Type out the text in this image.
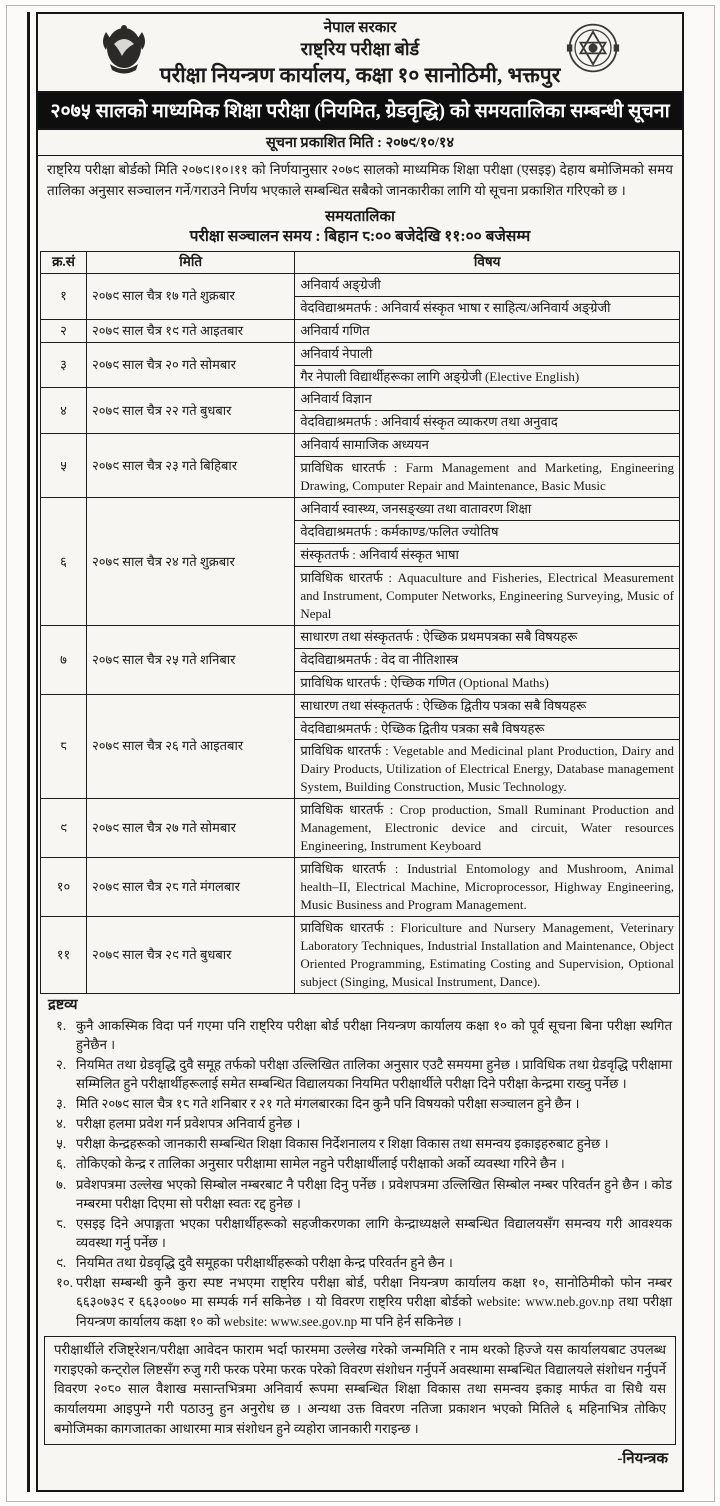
नेपाल सरकार
राष्ट्रिय परीक्षा बोर्ड
परीक्षा नियन्त्रण कार्यालय, कक्षा १० सानोठिमी, भक्तपुर
२०७५ सालको माध्यमिक शिक्षा परीक्षा (नियमित, ग्रेडवृद्धि) को समयतालिका सम्बन्धी सूचना
सूचना प्रकाशित मिति : २०७९/१०/१४
राष्ट्रिय परीक्षा बोर्डको मिति २०७९।१०।११ को निर्णयानुसार २०७९ सालको माध्यमिक शिक्षा परीक्षा (एसइइ) देहाय बमोजिमको समय तालिका अनुसार सञ्चालन गर्ने/गराउने निर्णय भएकाले सम्बन्धित सबैको जानकारीका लागि यो सूचना प्रकाशित गरिएको छ ।
समयतालिका
परीक्षा सञ्चालन समय : बिहान ८:०० बजेदेखि ११:०० बजेसम्म
क्र.सं	मिति	विषय
१	२०७९ साल चैत्र १७ गते शुक्रबार	अनिवार्य अङ्ग्रेजी
		वेदविद्याश्रमतर्फ : अनिवार्य संस्कृत भाषा र साहित्य/अनिवार्य अङ्ग्रेजी
२	२०७९ साल चैत्र १९ गते आइतबार	अनिवार्य गणित
३	२०७९ साल चैत्र २० गते सोमबार	अनिवार्य नेपाली
		गैर नेपाली विद्यार्थीहरूका लागि अङ्ग्रेजी (Elective English)
४	२०७९ साल चैत्र २२ गते बुधबार	अनिवार्य विज्ञान
		वेदविद्याश्रमतर्फ : अनिवार्य संस्कृत व्याकरण तथा अनुवाद
५	२०७९ साल चैत्र २३ गते बिहिबार	अनिवार्य सामाजिक अध्ययन
		प्राविधिक धारतर्फ : Farm Management and Marketing, Engineering Drawing, Computer Repair and Maintenance, Basic Music
६	२०७९ साल चैत्र २४ गते शुक्रबार	अनिवार्य स्वास्थ्य, जनसङ्ख्या तथा वातावरण शिक्षा
		वेदविद्याश्रमतर्फ : कर्मकाण्ड/फलित ज्योतिष
		संस्कृततर्फ : अनिवार्य संस्कृत भाषा
		प्राविधिक धारतर्फ : Aquaculture and Fisheries, Electrical Measurement and Instrument, Computer Networks, Engineering Surveying, Music of Nepal
७	२०७९ साल चैत्र २५ गते शनिबार	साधारण तथा संस्कृततर्फ : ऐच्छिक प्रथमपत्रका सबै विषयहरू
		वेदविद्याश्रमतर्फ : वेद वा नीतिशास्त्र
		प्राविधिक धारतर्फ : ऐच्छिक गणित (Optional Maths)
८	२०७९ साल चैत्र २६ गते आइतबार	साधारण तथा संस्कृततर्फ : ऐच्छिक द्वितीय पत्रका सबै विषयहरू
		वेदविद्याश्रमतर्फ : ऐच्छिक द्वितीय पत्रका सबै विषयहरू
		प्राविधिक धारतर्फ : Vegetable and Medicinal plant Production, Dairy and Dairy Products, Utilization of Electrical Energy, Database management System, Building Construction, Music Technology.
९	२०७९ साल चैत्र २७ गते सोमबार	प्राविधिक धारतर्फ : Crop production, Small Ruminant Production and Management, Electronic device and circuit, Water resources Engineering, Instrument Keyboard
१०	२०७९ साल चैत्र २८ गते मंगलबार	प्राविधिक धारतर्फ : Industrial Entomology and Mushroom, Animal health–II, Electrical Machine, Microprocessor, Highway Engineering, Music Business and Program Management.
११	२०७९ साल चैत्र २९ गते बुधबार	प्राविधिक धारतर्फ : Floriculture and Nursery Management, Veterinary Laboratory Techniques, Industrial Installation and Maintenance, Object Oriented Programming, Estimating Costing and Supervision, Optional subject (Singing, Musical Instrument, Dance).
द्रष्टव्य
१. कुनै आकस्मिक विदा पर्न गएमा पनि राष्ट्रिय परीक्षा बोर्ड परीक्षा नियन्त्रण कार्यालय कक्षा १० को पूर्व सूचना बिना परीक्षा स्थगित हुनेछैन ।
२. नियमित तथा ग्रेडवृद्धि दुवै समूह तर्फको परीक्षा उल्लिखित तालिका अनुसार एउटै समयमा हुनेछ । प्राविधिक तथा ग्रेडवृद्धि परीक्षामा सम्मिलित हुने परीक्षार्थीहरूलाई समेत सम्बन्धित विद्यालयका नियमित परीक्षार्थीले परीक्षा दिने परीक्षा केन्द्रमा राख्नु पर्नेछ ।
३. मिति २०७९ साल चैत्र १८ गते शनिबार र २१ गते मंगलबारका दिन कुनै पनि विषयको परीक्षा सञ्चालन हुने छैन ।
४. परीक्षा हलमा प्रवेश गर्न प्रवेशपत्र अनिवार्य हुनेछ ।
५. परीक्षा केन्द्रहरूको जानकारी सम्बन्धित शिक्षा विकास निर्देशनालय र शिक्षा विकास तथा समन्वय इकाइहरुबाट हुनेछ ।
६. तोकिएको केन्द्र र तालिका अनुसार परीक्षामा सामेल नहुने परीक्षार्थीलाई परीक्षाको अर्को व्यवस्था गरिने छैन ।
७. प्रवेशपत्रमा उल्लेख भएको सिम्बोल नम्बरबाट नै परीक्षा दिनु पर्नेछ । प्रवेशपत्रमा उल्लिखित सिम्बोल नम्बर परिवर्तन हुने छैन । कोड नम्बरमा परीक्षा दिएमा सो परीक्षा स्वतः रद्द हुनेछ ।
८. एसइइ दिने अपाङ्गता भएका परीक्षार्थीहरूको सहजीकरणका लागि केन्द्राध्यक्षले सम्बन्धित विद्यालयसँग समन्वय गरी आवश्यक व्यवस्था गर्नु पर्नेछ ।
९. नियमित तथा ग्रेडवृद्धि दुवै समूहका परीक्षार्थीहरूको परीक्षा केन्द्र परिवर्तन हुने छैन ।
१०. परीक्षा सम्बन्धी कुनै कुरा स्पष्ट नभएमा राष्ट्रिय परीक्षा बोर्ड, परीक्षा नियन्त्रण कार्यालय कक्षा १०, सानोठिमीको फोन नम्बर ६६३०७३९ र ६६३००७० मा सम्पर्क गर्न सकिनेछ । यो विवरण राष्ट्रिय परीक्षा बोर्डको website: www.neb.gov.np तथा परीक्षा नियन्त्रण कार्यालय कक्षा १० को website: www.see.gov.np मा पनि हेर्न सकिनेछ ।
परीक्षार्थीले रजिष्ट्रेशन/परीक्षा आवेदन फाराम भर्दा फारममा उल्लेख गरेको जन्ममिति र नाम थरको हिज्जे यस कार्यालयबाट उपलब्ध गराइएको कन्ट्रोल लिष्टसँग रुजु गरी फरक परेमा फरक परेको विवरण संशोधन गर्नुपर्ने अवस्थामा सम्बन्धित विद्यालयले संशोधन गर्नुपर्ने विवरण २०८० साल वैशाख मसान्तभित्रमा अनिवार्य रूपमा सम्बन्धित शिक्षा विकास तथा समन्वय इकाइ मार्फत वा सिधै यस कार्यालयमा आइपुग्ने गरी पठाउनु हुन अनुरोध छ । अन्यथा उक्त विवरण नतिजा प्रकाशन भएको मितिले ६ महिनाभित्र तोकिए बमोजिमका कागजातका आधारमा मात्र संशोधन हुने व्यहोरा जानकारी गराइन्छ ।
-नियन्त्रक
